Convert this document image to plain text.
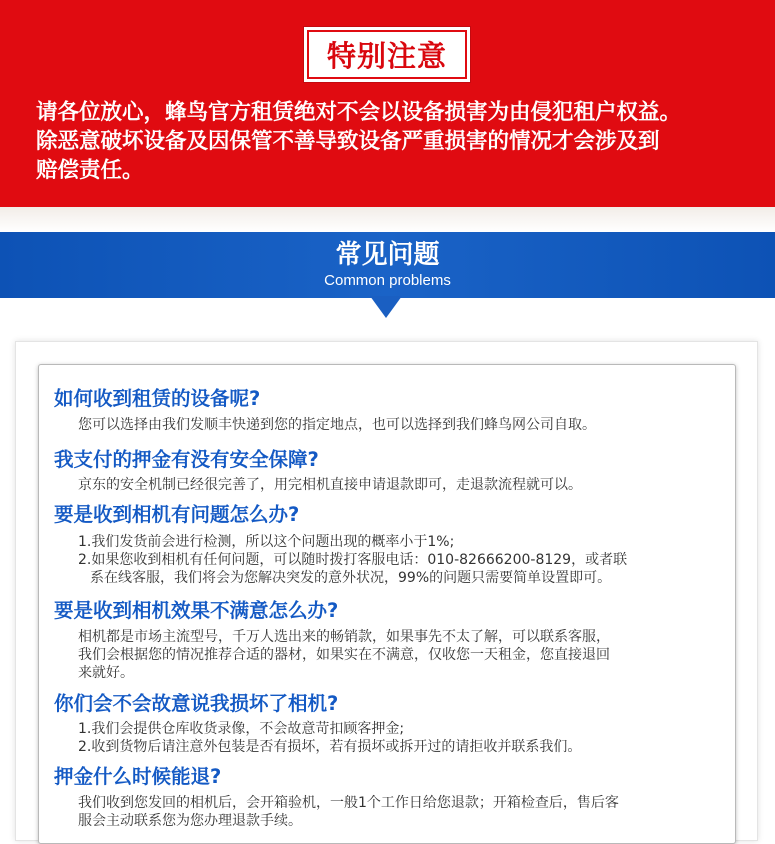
特别注意
请各位放心，蜂鸟官方租赁绝对不会以设备损害为由侵犯租户权益。
除恶意破坏设备及因保管不善导致设备严重损害的情况才会涉及到
赔偿责任。
常见问题
Common problems
如何收到租赁的设备呢?
您可以选择由我们发顺丰快递到您的指定地点，也可以选择到我们蜂鸟网公司自取。
我支付的押金有没有安全保障?
京东的安全机制已经很完善了，用完相机直接申请退款即可，走退款流程就可以。
要是收到相机有问题怎么办?
1.我们发货前会进行检测，所以这个问题出现的概率小于1%;
2.如果您收到相机有任何问题，可以随时拨打客服电话：010-82666200-8129，或者联
系在线客服，我们将会为您解决突发的意外状况，99%的问题只需要简单设置即可。
要是收到相机效果不满意怎么办?
相机都是市场主流型号，千万人选出来的畅销款，如果事先不太了解，可以联系客服，
我们会根据您的情况推荐合适的器材，如果实在不满意，仅收您一天租金，您直接退回
来就好。
你们会不会故意说我损坏了相机?
1.我们会提供仓库收货录像，不会故意苛扣顾客押金;
2.收到货物后请注意外包装是否有损坏，若有损坏或拆开过的请拒收并联系我们。
押金什么时候能退?
我们收到您发回的相机后，会开箱验机，一般1个工作日给您退款；开箱检查后，售后客
服会主动联系您为您办理退款手续。
